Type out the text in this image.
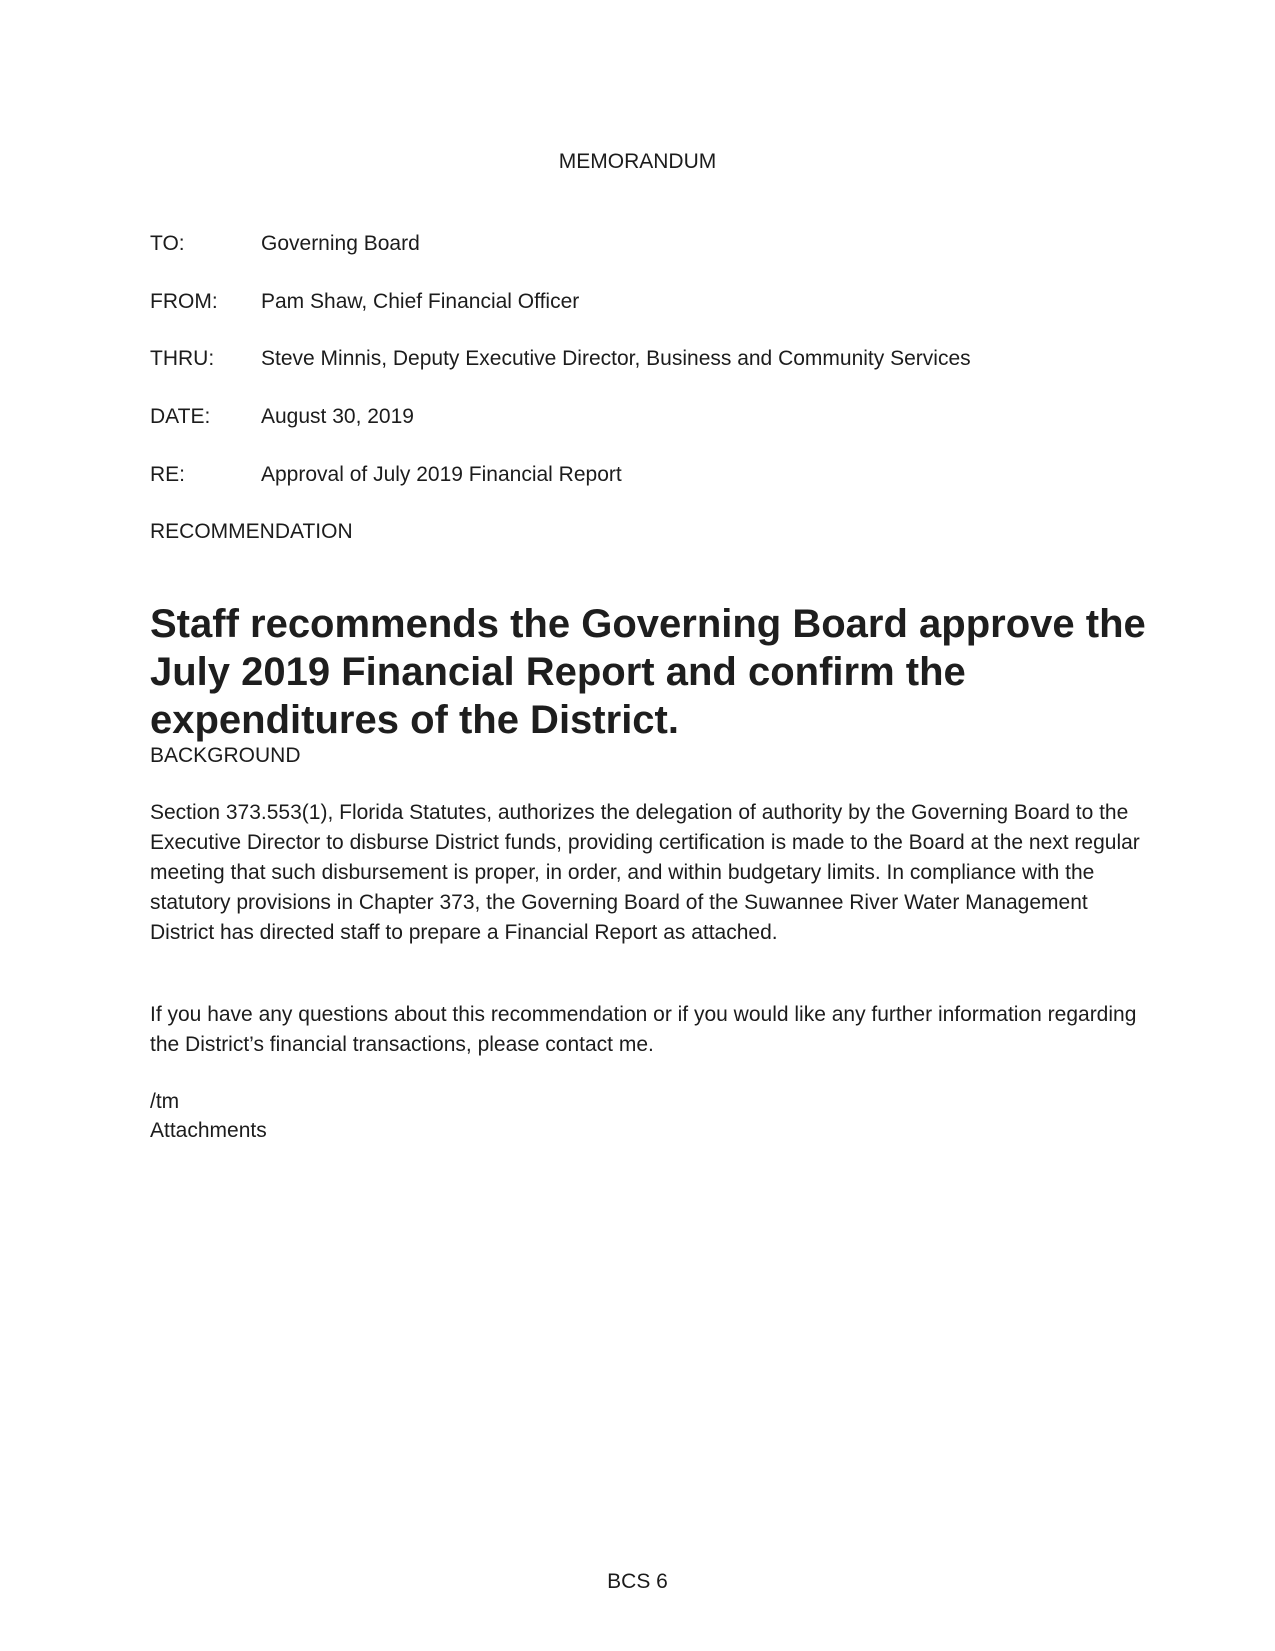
MEMORANDUM
TO:	Governing Board
FROM: Pam Shaw, Chief Financial Officer
THRU: Steve Minnis, Deputy Executive Director, Business and Community Services
DATE: August 30, 2019
RE:	Approval of July 2019 Financial Report
RECOMMENDATION
Staff recommends the Governing Board approve the July 2019 Financial Report and confirm the expenditures of the District.
BACKGROUND
Section 373.553(1), Florida Statutes, authorizes the delegation of authority by the Governing Board to the Executive Director to disburse District funds, providing certification is made to the Board at the next regular meeting that such disbursement is proper, in order, and within budgetary limits. In compliance with the statutory provisions in Chapter 373, the Governing Board of the Suwannee River Water Management District has directed staff to prepare a Financial Report as attached.
If you have any questions about this recommendation or if you would like any further information regarding the District’s financial transactions, please contact me.
/tm
Attachments
BCS 6
